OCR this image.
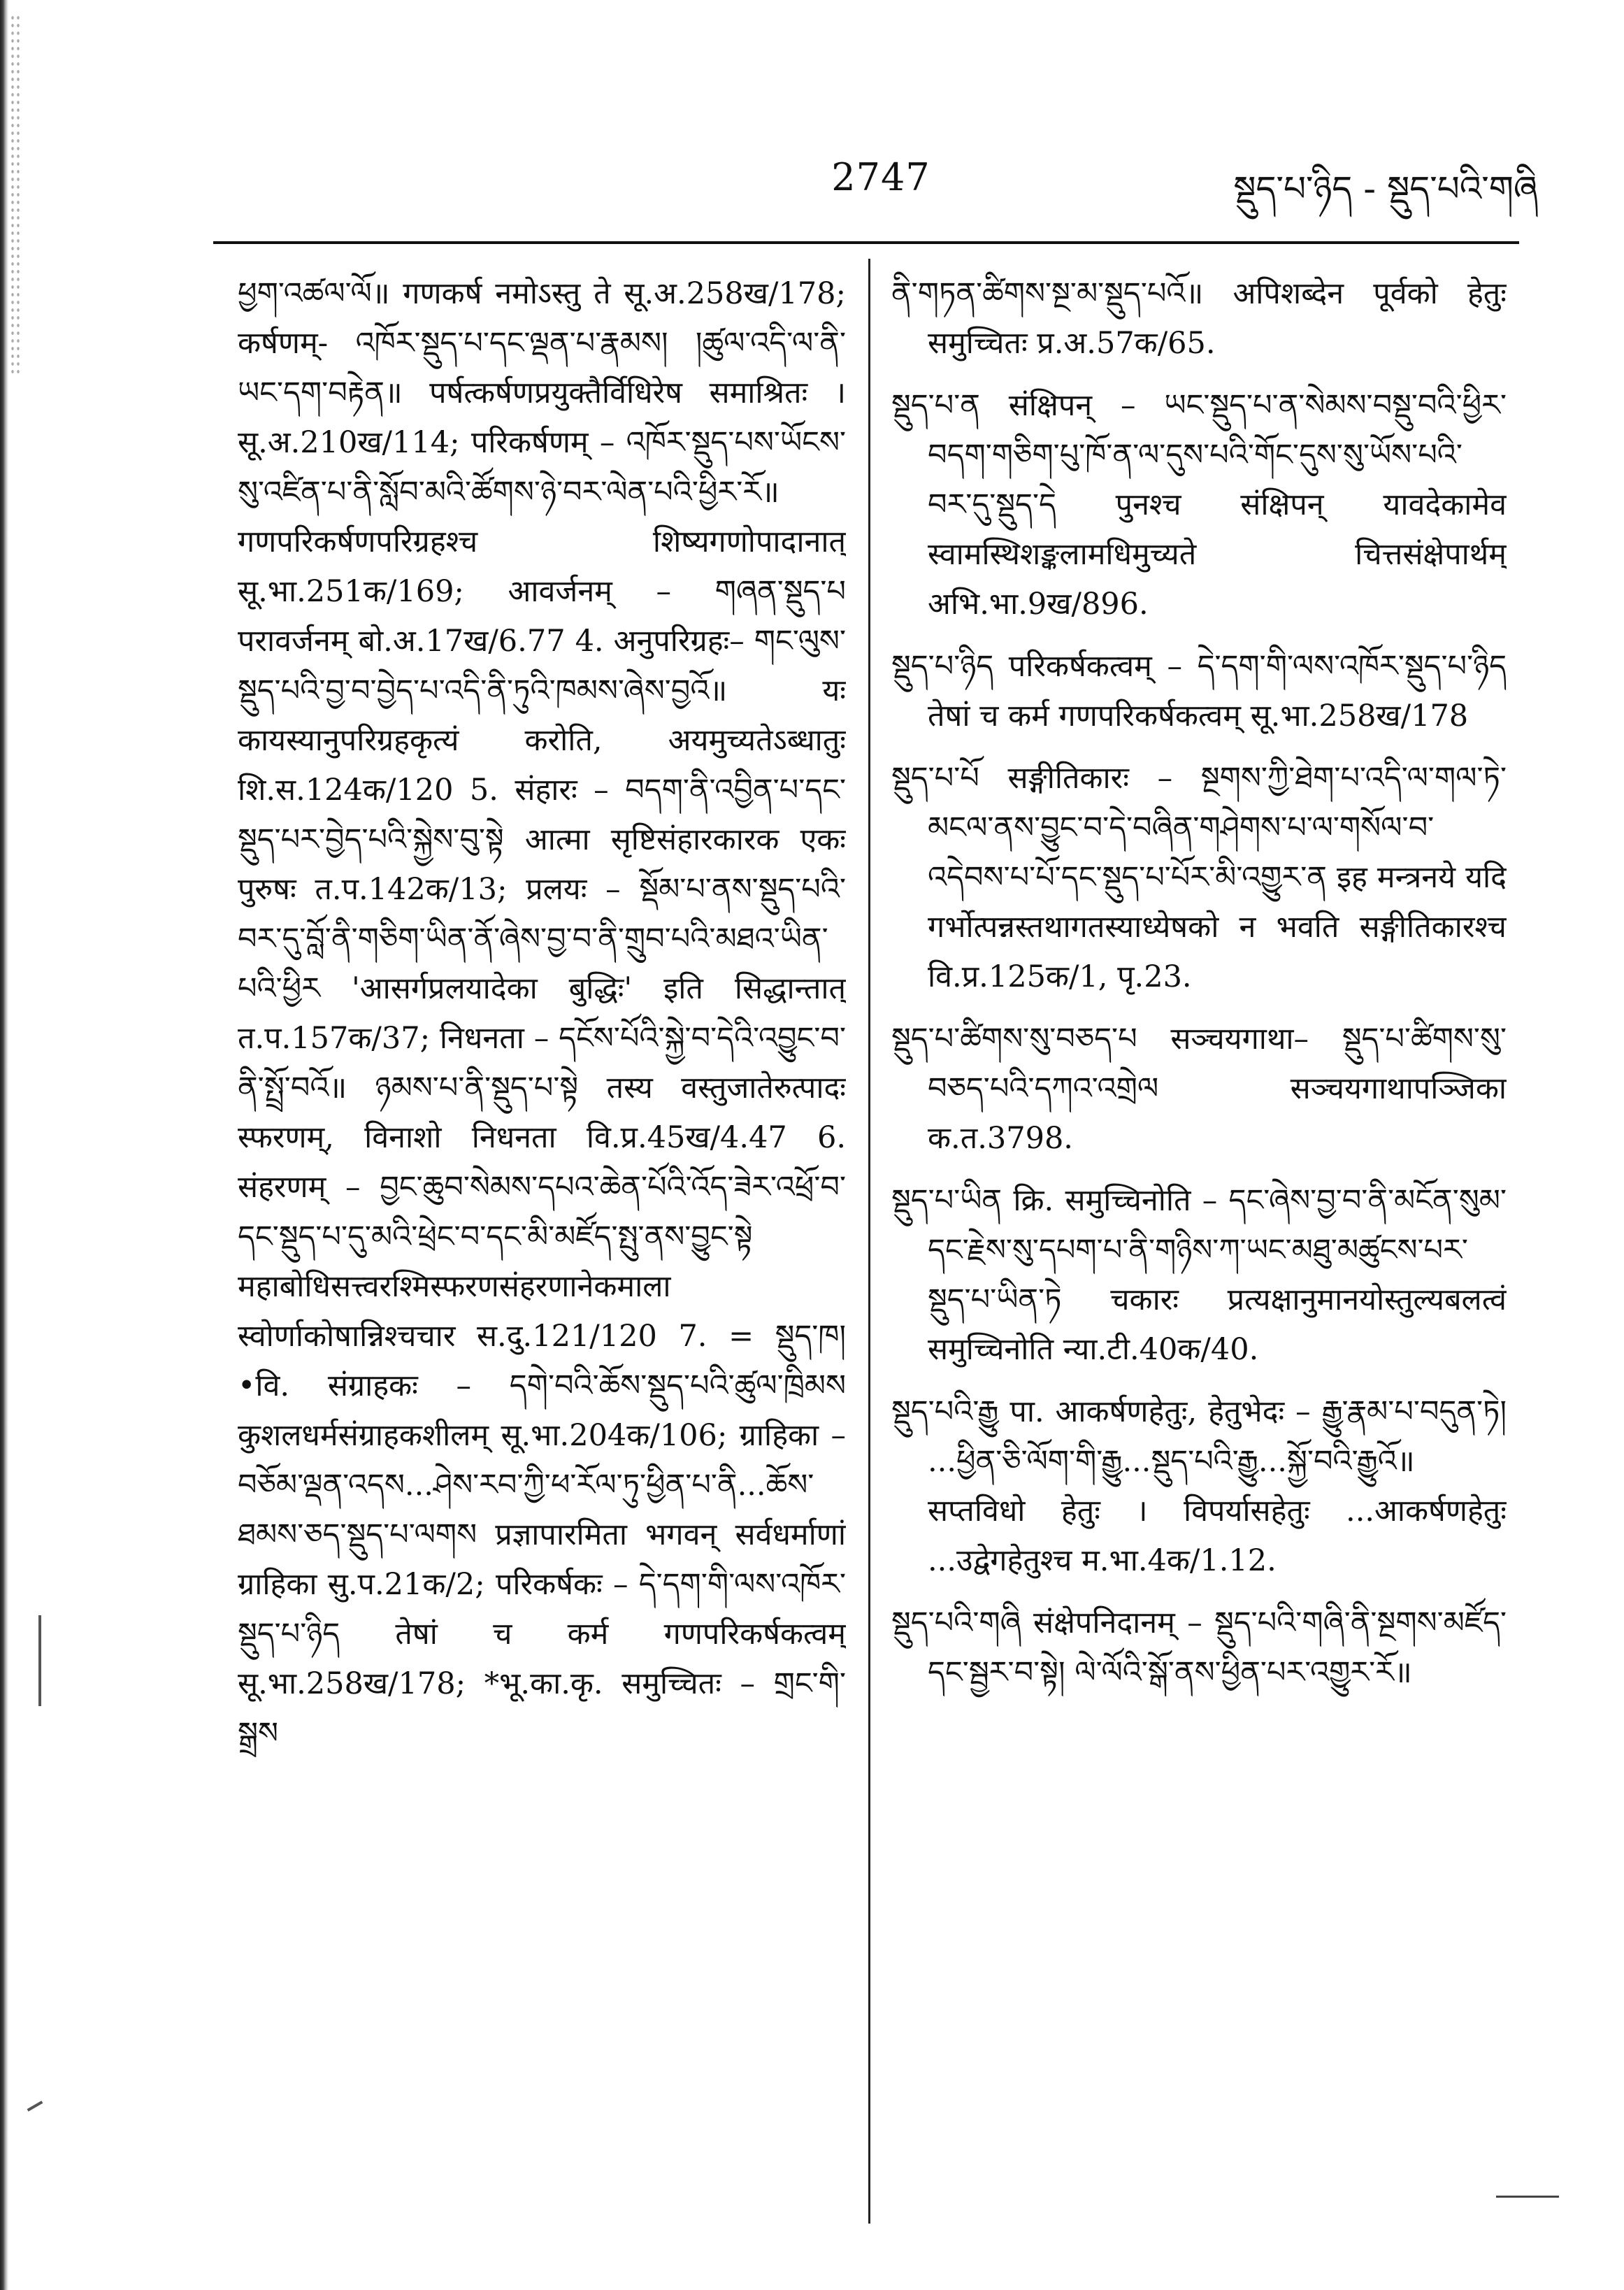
2747	སྡུད་པ་ཉིད - སྡུད་པའི་གཞི
ཕྱག་འཚལ་ལོ॥ गणकर्ष नमोऽस्तु ते सू.अ.258ख/178; कर्षणम्- འཁོར་སྡུད་པ་དང་ལྡན་པ་རྣམས། །ཚུལ་འདི་ལ་ནི་ཡང་དག་བརྟེན॥ पर्षत्कर्षणप्रयुक्तैर्विधिरेष समाश्रितः । सू.अ.210ख/114; परिकर्षणम् – འཁོར་སྡུད་པས་ཡོངས་སུ་འཛིན་པ་ནི་སློབ་མའི་ཚོགས་ཉེ་བར་ལེན་པའི་ཕྱིར་རོ॥ गणपरिकर्षणपरिग्रहश्च शिष्यगणोपादानात् सू.भा.251क/169; आवर्जनम् – གཞན་སྡུད་པ परावर्जनम् बो.अ.17ख/6.77 4. अनुपरिग्रहः– གང་ལུས་སྡུད་པའི་བྱ་བ་བྱེད་པ་འདི་ནི་ཏུའི་ཁམས་ཞེས་བྱའོ॥ यः कायस्यानुपरिग्रहकृत्यं करोति, अयमुच्यतेऽब्धातुः शि.स.124क/120 5. संहारः – བདག་ནི་འབྱིན་པ་དང་སྡུད་པར་བྱེད་པའི་སྐྱེས་བུ་སྟེ आत्मा सृष्टिसंहारकारक एकः पुरुषः त.प.142क/13; प्रलयः – སྡོམ་པ་ནས་སྡུད་པའི་བར་དུ་བློ་ནི་གཅིག་ཡིན་ནོ་ཞེས་བྱ་བ་ནི་གྲུབ་པའི་མཐའ་ཡིན་པའི་ཕྱིར 'आसर्गप्रलयादेका बुद्धिः' इति सिद्धान्तात् त.प.157क/37; निधनता – དངོས་པོའི་སྐྱེ་བ་དེའི་འབྱུང་བ་ནི་སྤྲོ་བའོ॥ ཉམས་པ་ནི་སྡུད་པ་སྟེ तस्य वस्तुजातेरुत्पादः स्फरणम्, विनाशो निधनता वि.प्र.45ख/4.47 6. संहरणम् – བྱང་ཆུབ་སེམས་དཔའ་ཆེན་པོའི་འོད་ཟེར་འཕྲོ་བ་དང་སྡུད་པ་དུ་མའི་ཕྲེང་བ་དང་མི་མཛོད་སྤུ་ནས་བྱུང་སྟེ महाबोधिसत्त्वरश्मिस्फरणसंहरणानेकमाला स्वोर्णाकोषान्निश्चचार स.दु.121/120 7. = སྡུད་ཁ། •वि. संग्राहकः – དགེ་བའི་ཆོས་སྡུད་པའི་ཚུལ་ཁྲིམས कुशलधर्मसंग्राहकशीलम् सू.भा.204क/106; ग्राहिका – བཅོམ་ལྡན་འདས...ཤེས་རབ་ཀྱི་ཕ་རོལ་ཏུ་ཕྱིན་པ་ནི...ཆོས་ཐམས་ཅད་སྡུད་པ་ལགས प्रज्ञापारमिता भगवन् सर्वधर्माणां ग्राहिका सु.प.21क/2; परिकर्षकः – དེ་དག་གི་ལས་འཁོར་སྡུད་པ་ཉིད तेषां च कर्म गणपरिकर्षकत्वम् सू.भा.258ख/178; *भू.का.कृ. समुच्चितः – གྲང་གི་སྒྲས
ནི་གཏན་ཚིགས་སྔ་མ་སྡུད་པའོ॥ अपिशब्देन पूर्वको हेतुः समुच्चितः प्र.अ.57क/65.
སྡུད་པ་ན संक्षिपन् – ཡང་སྡུད་པ་ན་སེམས་བསྡུ་བའི་ཕྱིར་བདག་གཅིག་པུ་ཁོ་ན་ལ་དུས་པའི་གོང་དུས་སུ་ཡོས་པའི་བར་དུ་སྡུད་དེ पुनश्च संक्षिपन् यावदेकामेव स्वामस्थिशङ्कलामधिमुच्यते चित्तसंक्षेपार्थम् अभि.भा.9ख/896.
སྡུད་པ་ཉིད परिकर्षकत्वम् – དེ་དག་གི་ལས་འཁོར་སྡུད་པ་ཉིད तेषां च कर्म गणपरिकर्षकत्वम् सू.भा.258ख/178
སྡུད་པ་པོ सङ्गीतिकारः – སྔགས་ཀྱི་ཐེག་པ་འདི་ལ་གལ་ཏེ་མངལ་ནས་བྱུང་བ་དེ་བཞིན་གཤེགས་པ་ལ་གསོལ་བ་འདེབས་པ་པོ་དང་སྡུད་པ་པོར་མི་འགྱུར་ན इह मन्त्रनये यदि गर्भोत्पन्नस्तथागतस्याध्येषको न भवति सङ्गीतिकारश्च वि.प्र.125क/1, पृ.23.
སྡུད་པ་ཚིགས་སུ་བཅད་པ सञ्चयगाथा– སྡུད་པ་ཚིགས་སུ་བཅད་པའི་དཀའ་འགྲེལ सञ्चयगाथापञ्जिका क.त.3798.
སྡུད་པ་ཡིན क्रि. समुच्चिनोति – དང་ཞེས་བྱ་བ་ནི་མངོན་སུམ་དང་རྗེས་སུ་དཔག་པ་ནི་གཉིས་ཀ་ཡང་མཐུ་མཚུངས་པར་སྡུད་པ་ཡིན་ཏེ चकारः प्रत्यक्षानुमानयोस्तुल्यबलत्वं समुच्चिनोति न्या.टी.40क/40.
སྡུད་པའི་རྒྱུ पा. आकर्षणहेतुः, हेतुभेदः – རྒྱུ་རྣམ་པ་བདུན་ཏེ། ...ཕྱིན་ཅི་ལོག་གི་རྒྱུ...སྡུད་པའི་རྒྱུ...སྐྱོ་བའི་རྒྱུའོ॥ सप्तविधो हेतुः । विपर्यासहेतुः ...आकर्षणहेतुः ...उद्वेगहेतुश्च म.भा.4क/1.12.
སྡུད་པའི་གཞི संक्षेपनिदानम् – སྡུད་པའི་གཞི་ནི་སྔགས་མཛོད་དང་སྦྱར་བ་སྟེ། ལེ་ལོའི་སྒོ་ནས་ཕྱིན་པར་འགྱུར་རོ॥
